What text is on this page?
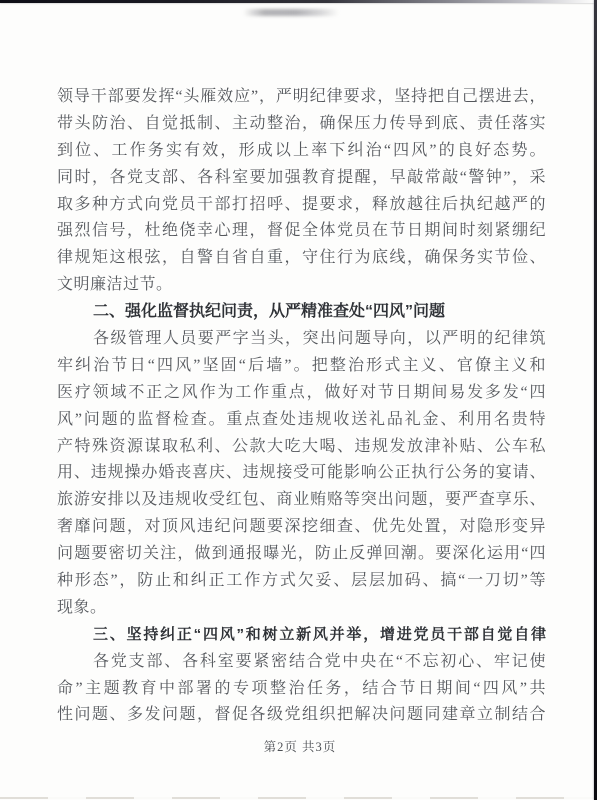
领导干部要发挥“头雁效应”，严明纪律要求，坚持把自己摆进去，
带头防治、自觉抵制、主动整治，确保压力传导到底、责任落实
到位、工作务实有效，形成以上率下纠治“四风”的良好态势。
同时，各党支部、各科室要加强教育提醒，早敲常敲“警钟”，采
取多种方式向党员干部打招呼、提要求，释放越往后执纪越严的
强烈信号，杜绝侥幸心理，督促全体党员在节日期间时刻紧绷纪
律规矩这根弦，自警自省自重，守住行为底线，确保务实节俭、
文明廉洁过节。
二、强化监督执纪问责，从严精准查处“四风”问题
各级管理人员要严字当头，突出问题导向，以严明的纪律筑
牢纠治节日“四风”坚固“后墙”。把整治形式主义、官僚主义和
医疗领域不正之风作为工作重点，做好对节日期间易发多发“四
风”问题的监督检查。重点查处违规收送礼品礼金、利用名贵特
产特殊资源谋取私利、公款大吃大喝、违规发放津补贴、公车私
用、违规操办婚丧喜庆、违规接受可能影响公正执行公务的宴请、
旅游安排以及违规收受红包、商业贿赂等突出问题，要严查享乐、
奢靡问题，对顶风违纪问题要深挖细查、优先处置，对隐形变异
问题要密切关注，做到通报曝光，防止反弹回潮。要深化运用“四
种形态”，防止和纠正工作方式欠妥、层层加码、搞“一刀切”等
现象。
三、坚持纠正“四风”和树立新风并举，增进党员干部自觉自律
各党支部、各科室要紧密结合党中央在“不忘初心、牢记使
命”主题教育中部署的专项整治任务，结合节日期间“四风”共
性问题、多发问题，督促各级党组织把解决问题同建章立制结合
第2页 共3页
